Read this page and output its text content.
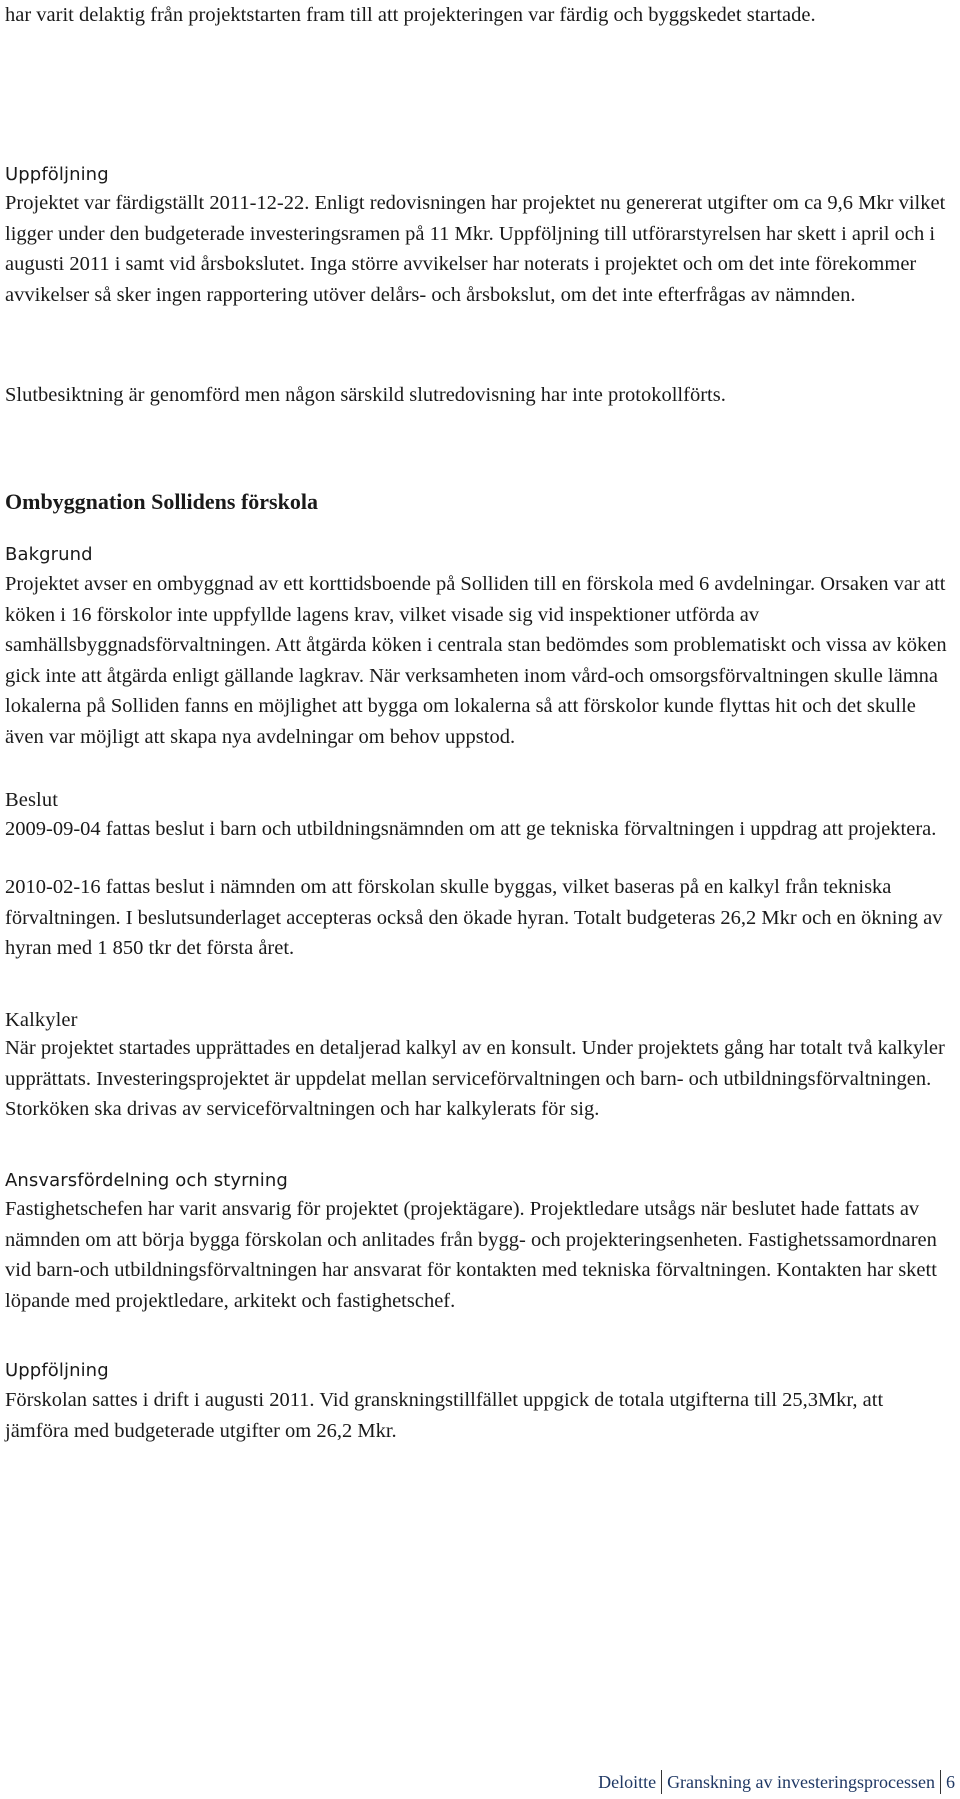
har varit delaktig från projektstarten fram till att projekteringen var färdig och byggskedet startade.

Uppföljning

Projektet var färdigställt 2011-12-22. Enligt redovisningen har projektet nu genererat utgifter om ca 9,6 Mkr vilket ligger under den budgeterade investeringsramen på 11 Mkr. Uppföljning till utförarstyrelsen har skett i april och i augusti 2011 i samt vid årsbokslutet. Inga större avvikelser har noterats i projektet och om det inte förekommer avvikelser så sker ingen rapportering utöver delårs- och årsbokslut, om det inte efterfrågas av nämnden.

Slutbesiktning är genomförd men någon särskild slutredovisning har inte protokollförts.

Ombyggnation Sollidens förskola

Bakgrund

Projektet avser en ombyggnad av ett korttidsboende på Solliden till en förskola med 6 avdelningar. Orsaken var att köken i 16 förskolor inte uppfyllde lagens krav, vilket visade sig vid inspektioner utförda av samhällsbyggnadsförvaltningen. Att åtgärda köken i centrala stan bedömdes som problematiskt och vissa av köken gick inte att åtgärda enligt gällande lagkrav. När verksamheten inom vård-och omsorgsförvaltningen skulle lämna lokalerna på Solliden fanns en möjlighet att bygga om lokalerna så att förskolor kunde flyttas hit och det skulle även var möjligt att skapa nya avdelningar om behov uppstod.

Beslut

2009-09-04 fattas beslut i barn och utbildningsnämnden om att ge tekniska förvaltningen i uppdrag att projektera.

2010-02-16 fattas beslut i nämnden om att förskolan skulle byggas, vilket baseras på en kalkyl från tekniska förvaltningen. I beslutsunderlaget accepteras också den ökade hyran. Totalt budgeteras 26,2 Mkr och en ökning av hyran med 1 850 tkr det första året.

Kalkyler

När projektet startades upprättades en detaljerad kalkyl av en konsult. Under projektets gång har totalt två kalkyler upprättats. Investeringsprojektet är uppdelat mellan serviceförvaltningen och barn- och utbildningsförvaltningen. Storköken ska drivas av serviceförvaltningen och har kalkylerats för sig.

Ansvarsfördelning och styrning

Fastighetschefen har varit ansvarig för projektet (projektägare). Projektledare utsågs när beslutet hade fattats av nämnden om att börja bygga förskolan och anlitades från bygg- och projekteringsenheten. Fastighetssamordnaren vid barn-och utbildningsförvaltningen har ansvarat för kontakten med tekniska förvaltningen. Kontakten har skett löpande med projektledare, arkitekt och fastighetschef.

Uppföljning

Förskolan sattes i drift i augusti 2011. Vid granskningstillfället uppgick de totala utgifterna till 25,3Mkr, att jämföra med budgeterade utgifter om 26,2 Mkr.

Deloitte Granskning av investeringsprocessen 6
